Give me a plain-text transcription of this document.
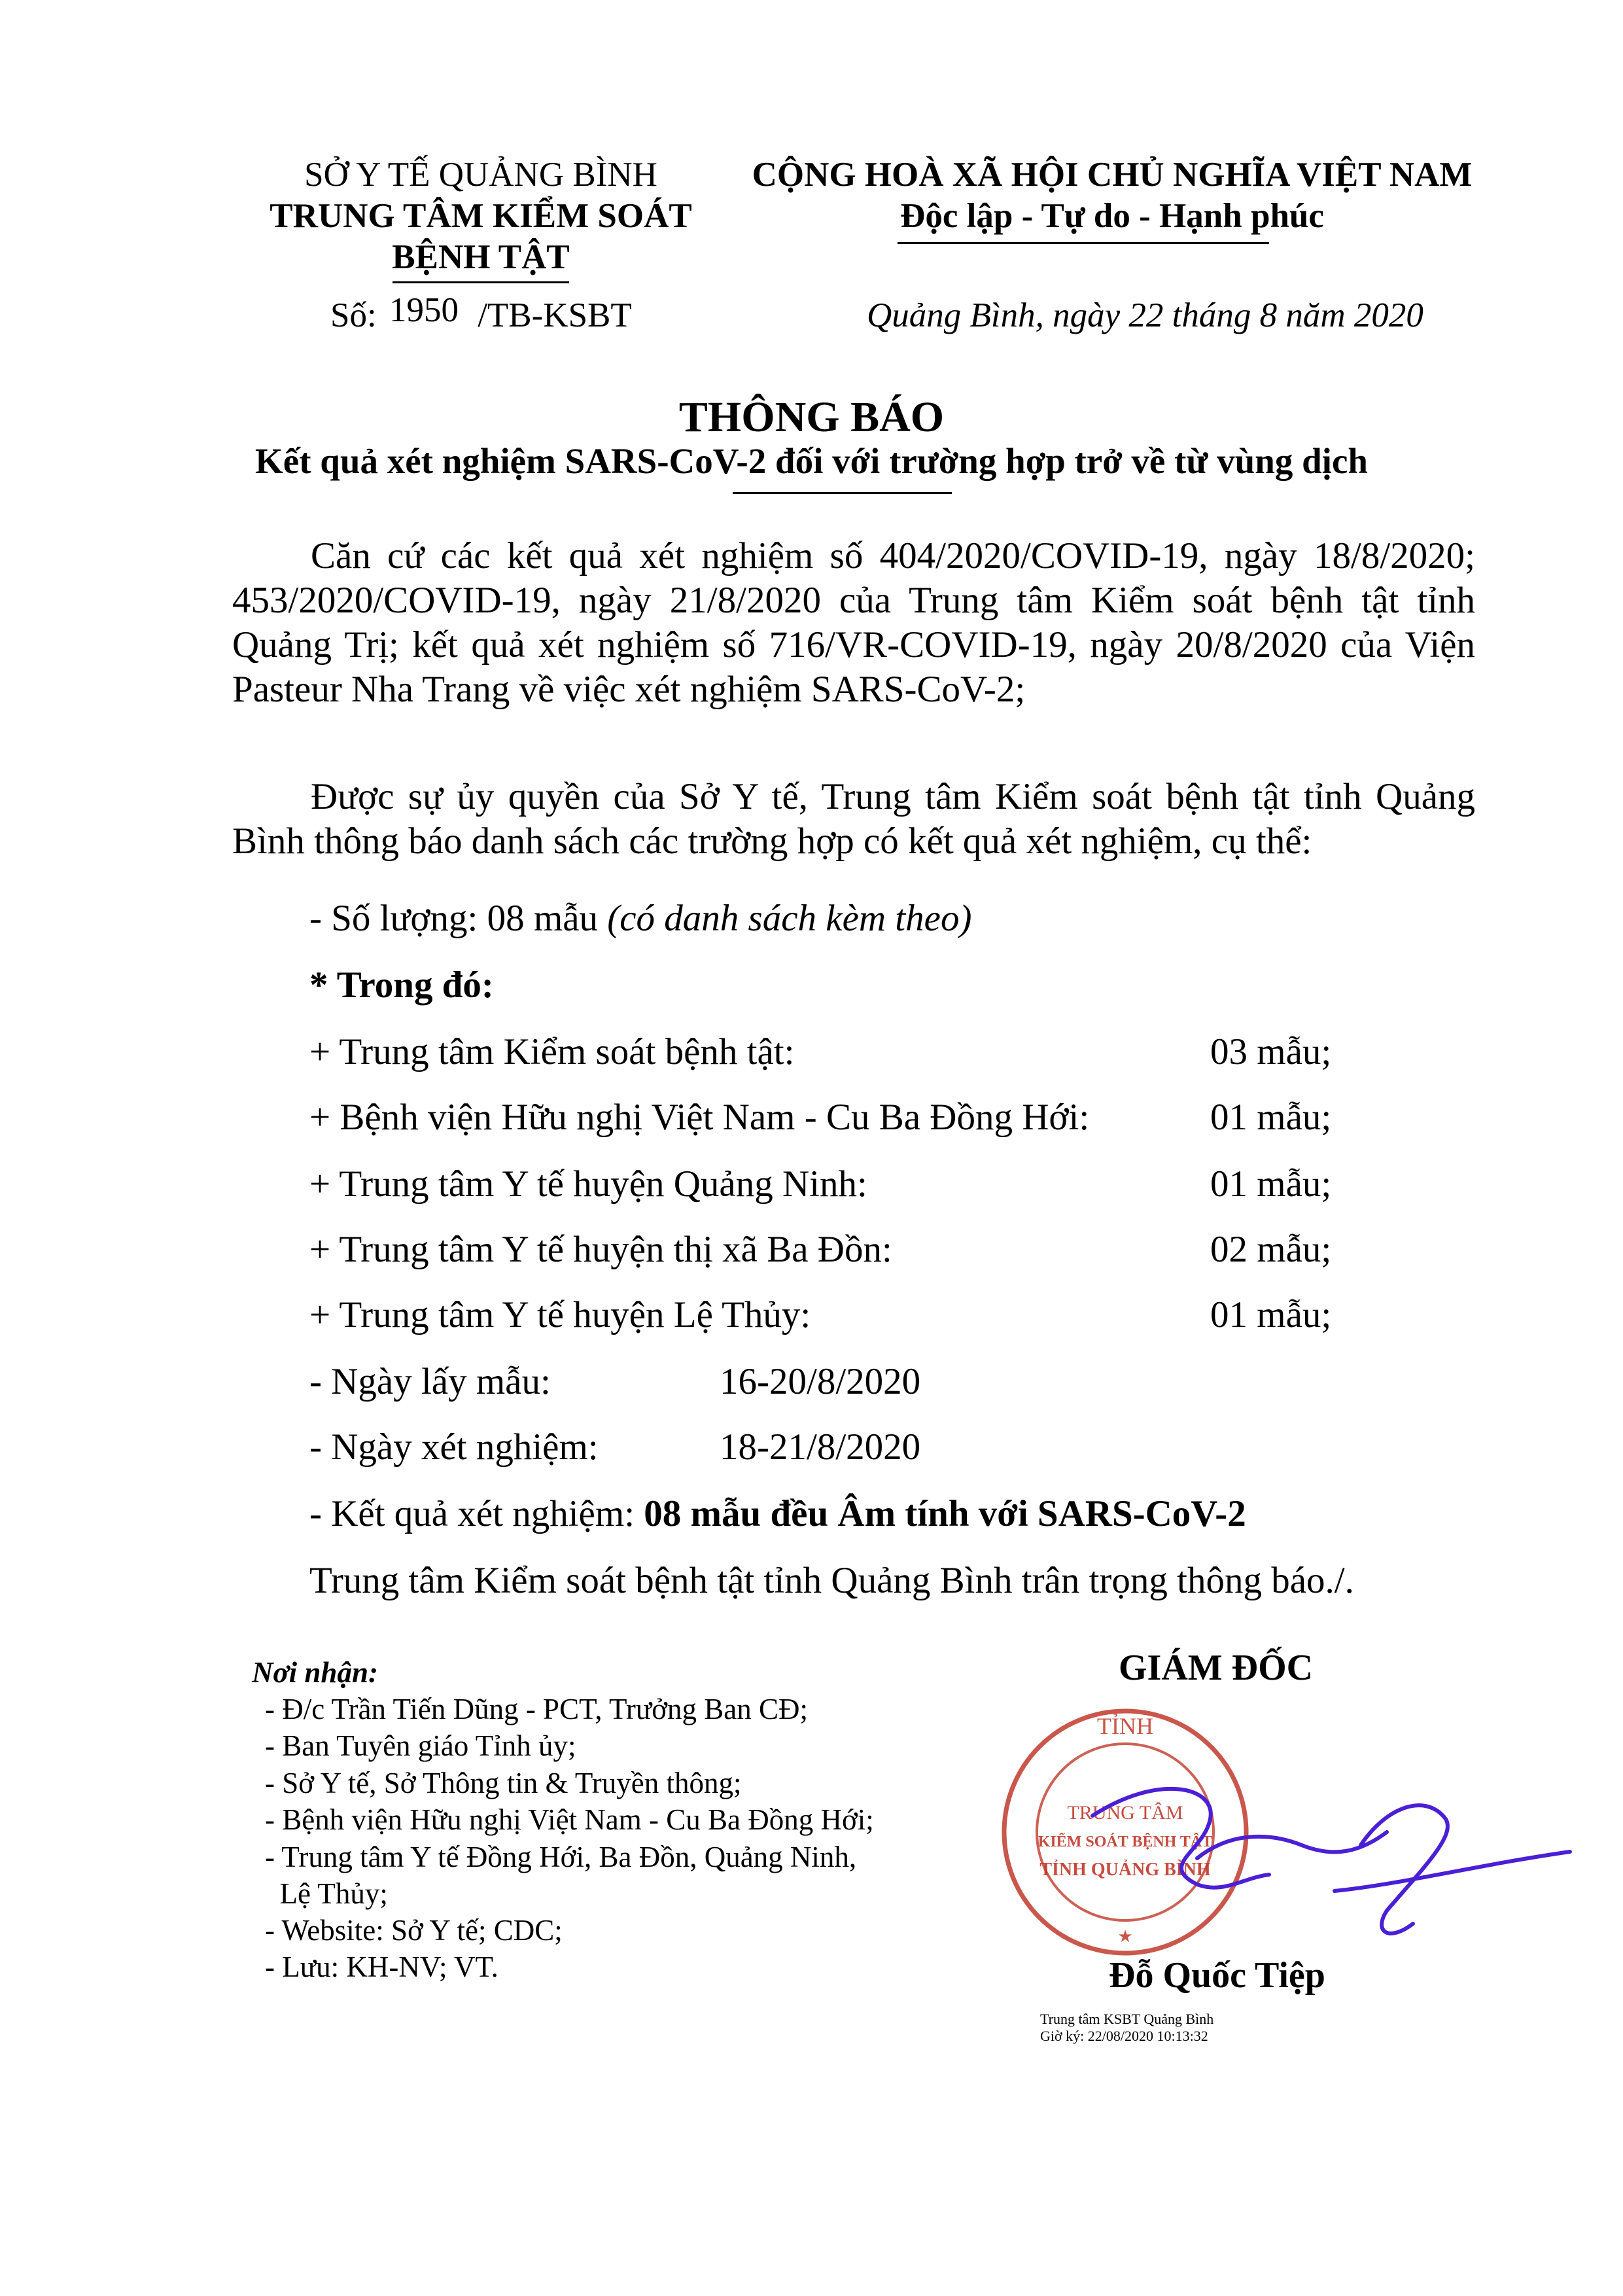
SỞ Y TẾ QUẢNG BÌNH
TRUNG TÂM KIỂM SOÁT
BỆNH TẬT
Số: 1950 /TB-KSBT
CỘNG HOÀ XÃ HỘI CHỦ NGHĨA VIỆT NAM
Độc lập - Tự do - Hạnh phúc
Quảng Bình, ngày 22 tháng 8 năm 2020
THÔNG BÁO
Kết quả xét nghiệm SARS-CoV-2 đối với trường hợp trở về từ vùng dịch
Căn cứ các kết quả xét nghiệm số 404/2020/COVID-19, ngày 18/8/2020; 453/2020/COVID-19, ngày 21/8/2020 của Trung tâm Kiểm soát bệnh tật tỉnh Quảng Trị; kết quả xét nghiệm số 716/VR-COVID-19, ngày 20/8/2020 của Viện Pasteur Nha Trang về việc xét nghiệm SARS-CoV-2;
Được sự ủy quyền của Sở Y tế, Trung tâm Kiểm soát bệnh tật tỉnh Quảng Bình thông báo danh sách các trường hợp có kết quả xét nghiệm, cụ thể:
- Số lượng: 08 mẫu (có danh sách kèm theo)
* Trong đó:
+ Trung tâm Kiểm soát bệnh tật:	03 mẫu;
+ Bệnh viện Hữu nghị Việt Nam - Cu Ba Đồng Hới:	01 mẫu;
+ Trung tâm Y tế huyện Quảng Ninh:	01 mẫu;
+ Trung tâm Y tế huyện thị xã Ba Đồn:	02 mẫu;
+ Trung tâm Y tế huyện Lệ Thủy:	01 mẫu;
- Ngày lấy mẫu:	16-20/8/2020
- Ngày xét nghiệm:	18-21/8/2020
- Kết quả xét nghiệm: 08 mẫu đều Âm tính với SARS-CoV-2
Trung tâm Kiểm soát bệnh tật tỉnh Quảng Bình trân trọng thông báo./.
Nơi nhận:
- Đ/c Trần Tiến Dũng - PCT, Trưởng Ban CĐ;
- Ban Tuyên giáo Tỉnh ủy;
- Sở Y tế, Sở Thông tin & Truyền thông;
- Bệnh viện Hữu nghị Việt Nam - Cu Ba Đồng Hới;
- Trung tâm Y tế Đồng Hới, Ba Đồn, Quảng Ninh,
Lệ Thủy;
- Website: Sở Y tế; CDC;
- Lưu: KH-NV; VT.
GIÁM ĐỐC
TỈNH
TRUNG TÂM
KIỂM SOÁT BỆNH TẬT
TỈNH QUẢNG BÌNH
★
Đỗ Quốc Tiệp
Trung tâm KSBT Quảng Bình
Giờ ký: 22/08/2020 10:13:32
